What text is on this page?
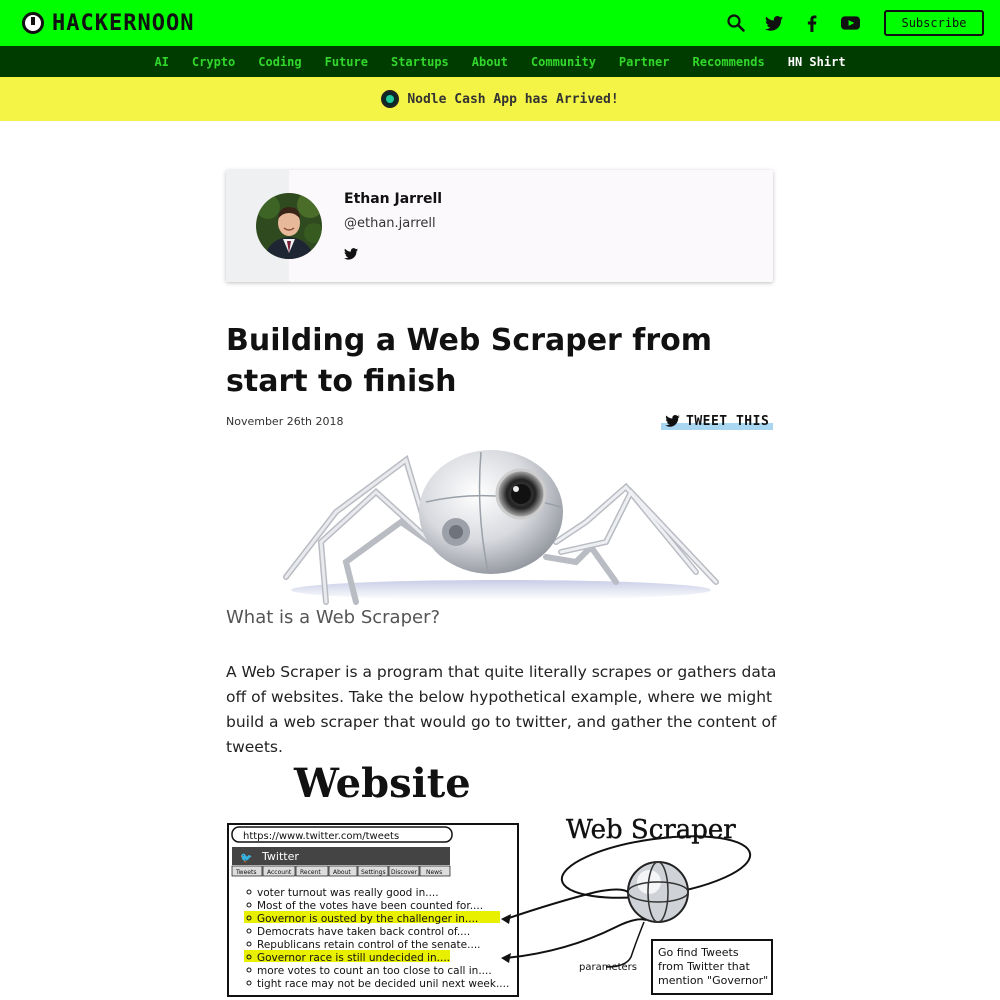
HACKERNOON	Subscribe
AI Crypto Coding Future Startups About Community Partner Recommends HN Shirt
Nodle Cash App has Arrived!
Ethan Jarrell
@ethan.jarrell
Building a Web Scraper from start to finish
November 26th 2018	TWEET THIS
What is a Web Scraper?

A Web Scraper is a program that quite literally scrapes or gathers data off of websites. Take the below hypothetical example, where we might build a web scraper that would go to twitter, and gather the content of tweets.

Website
https://www.twitter.com/tweets
🐦 Twitter
Tweets Account Recent About Settings Discover News
voter turnout was really good in....
Most of the votes have been counted for....
Governor is ousted by the challenger in....
Democrats have taken back control of....
Republicans retain control of the senate....
Governor race is still undecided in....
more votes to count an too close to call in....
tight race may not be decided unil next week....
Web Scraper
parameters
Go find Tweets
from Twitter that
mention "Governor"
